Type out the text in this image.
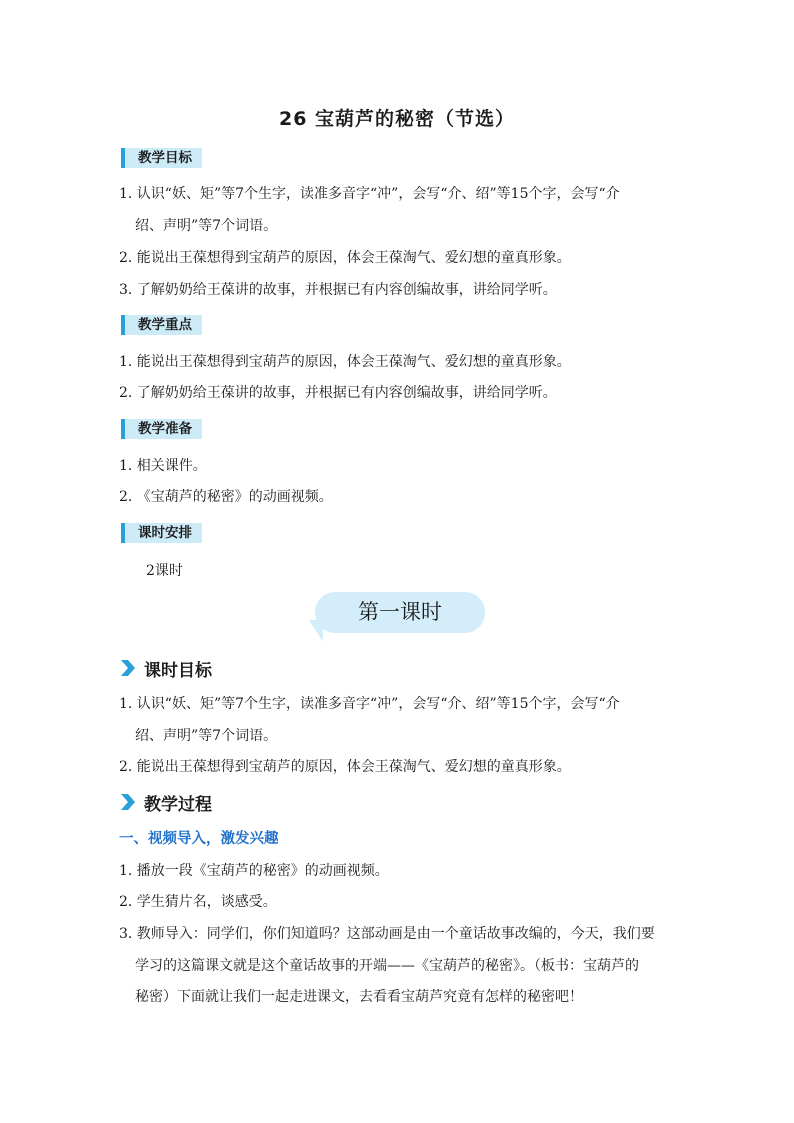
26 宝葫芦的秘密（节选）
教学目标
1. 认识“妖、矩”等7个生字，读准多音字“冲”，会写“介、绍”等15个字，会写“介
绍、声明”等7个词语。
2. 能说出王葆想得到宝葫芦的原因，体会王葆淘气、爱幻想的童真形象。
3. 了解奶奶给王葆讲的故事，并根据已有内容创编故事，讲给同学听。
教学重点
1. 能说出王葆想得到宝葫芦的原因，体会王葆淘气、爱幻想的童真形象。
2. 了解奶奶给王葆讲的故事，并根据已有内容创编故事，讲给同学听。
教学准备
1. 相关课件。
2. 《宝葫芦的秘密》的动画视频。
课时安排
2课时
第一课时
课时目标
1. 认识“妖、矩”等7个生字，读准多音字“冲”，会写“介、绍”等15个字，会写“介
绍、声明”等7个词语。
2. 能说出王葆想得到宝葫芦的原因，体会王葆淘气、爱幻想的童真形象。
教学过程
一、视频导入，激发兴趣
1. 播放一段《宝葫芦的秘密》的动画视频。
2. 学生猜片名，谈感受。
3. 教师导入：同学们，你们知道吗？这部动画是由一个童话故事改编的，今天，我们要
学习的这篇课文就是这个童话故事的开端——《宝葫芦的秘密》。（板书：宝葫芦的
秘密）下面就让我们一起走进课文，去看看宝葫芦究竟有怎样的秘密吧！
